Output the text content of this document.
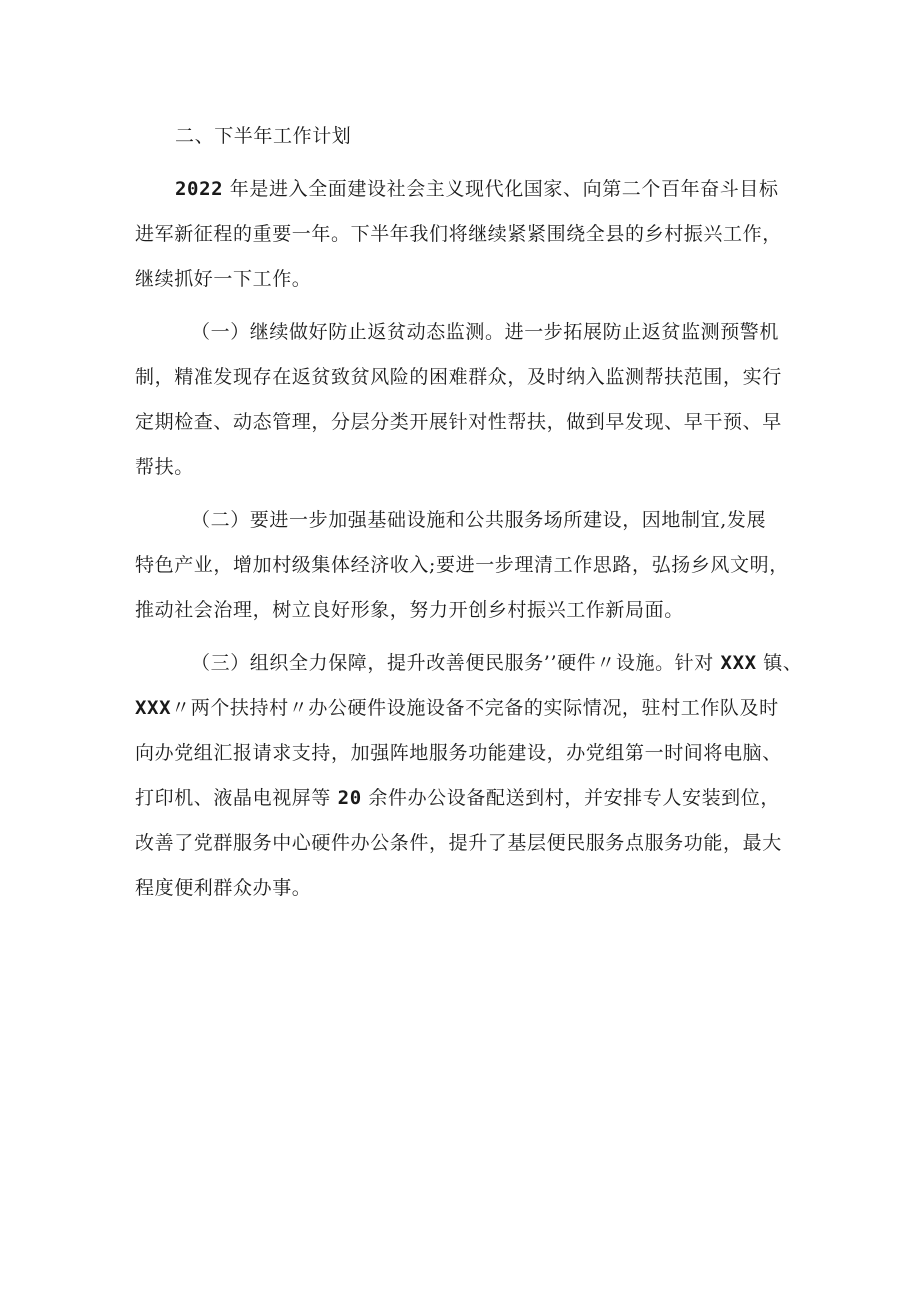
二、下半年工作计划
2022 年是进入全面建设社会主义现代化国家、向第二个百年奋斗目标
进军新征程的重要一年。下半年我们将继续紧紧围绕全县的乡村振兴工作，
继续抓好一下工作。
（一）继续做好防止返贫动态监测。进一步拓展防止返贫监测预警机
制，精准发现存在返贫致贫风险的困难群众，及时纳入监测帮扶范围，实行
定期检查、动态管理，分层分类开展针对性帮扶，做到早发现、早干预、早
帮扶。
（二）要进一步加强基础设施和公共服务场所建设，因地制宜,发展
特色产业，增加村级集体经济收入;要进一步理清工作思路，弘扬乡风文明，
推动社会治理，树立良好形象，努力开创乡村振兴工作新局面。
（三）组织全力保障，提升改善便民服务’’硬件〃设施。针对 XXX 镇、
XXX〃两个扶持村〃办公硬件设施设备不完备的实际情况，驻村工作队及时
向办党组汇报请求支持，加强阵地服务功能建设，办党组第一时间将电脑、
打印机、液晶电视屏等 20 余件办公设备配送到村，并安排专人安装到位，
改善了党群服务中心硬件办公条件，提升了基层便民服务点服务功能，最大
程度便利群众办事。
